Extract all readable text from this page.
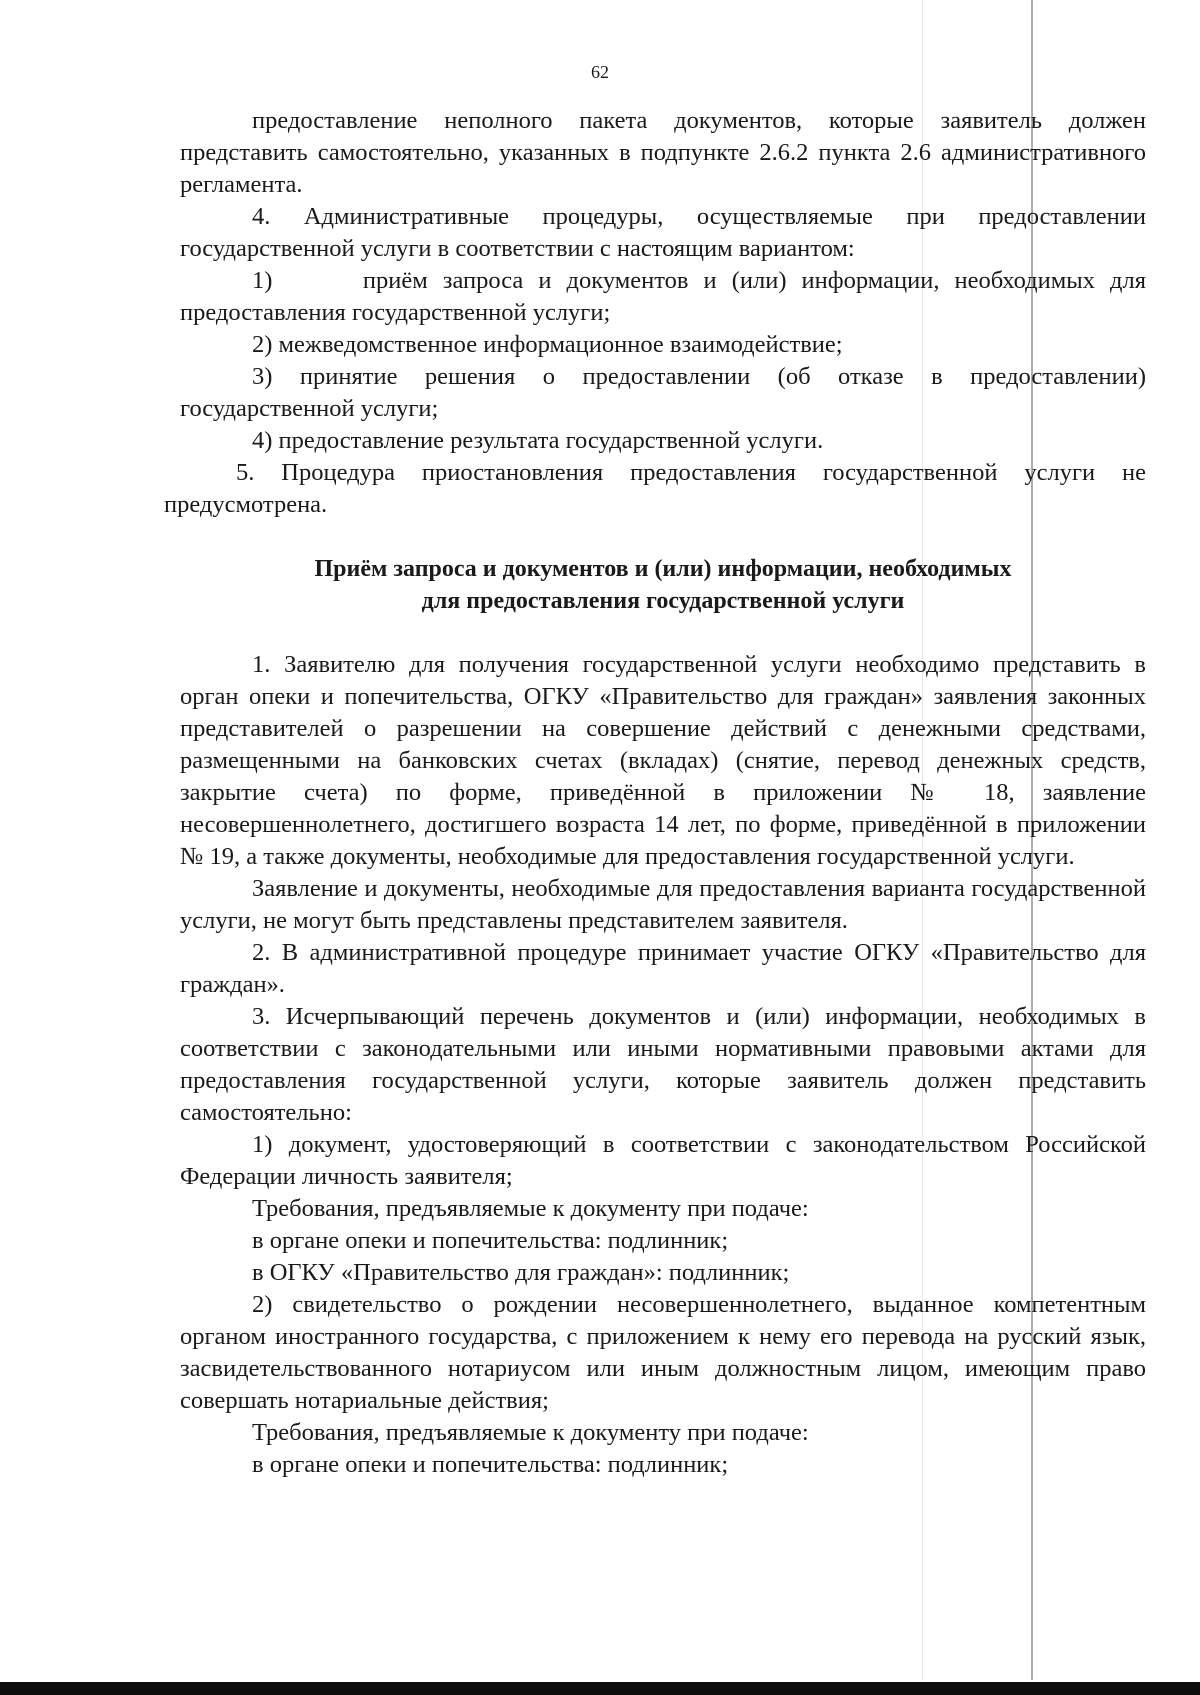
62

предоставление неполного пакета документов, которые заявитель должен представить самостоятельно, указанных в подпункте 2.6.2 пункта 2.6 административного регламента.

4. Административные процедуры, осуществляемые при предоставлении государственной услуги в соответствии с настоящим вариантом:

1)      приём запроса и документов и (или) информации, необходимых для предоставления государственной услуги;

2) межведомственное информационное взаимодействие;

3) принятие решения о предоставлении (об отказе в предоставлении) государственной услуги;

4) предоставление результата государственной услуги.

5. Процедура приостановления предоставления государственной услуги не предусмотрена.

Приём запроса и документов и (или) информации, необходимых
для предоставления государственной услуги

1. Заявителю для получения государственной услуги необходимо представить в орган опеки и попечительства, ОГКУ «Правительство для граждан» заявления законных представителей о разрешении на совершение действий с денежными средствами, размещенными на банковских счетах (вкладах) (снятие, перевод денежных средств, закрытие счета) по форме, приведённой в приложении № 18, заявление несовершеннолетнего, достигшего возраста 14 лет, по форме, приведённой в приложении № 19, а также документы, необходимые для предоставления государственной услуги.

Заявление и документы, необходимые для предоставления варианта государственной услуги, не могут быть представлены представителем заявителя.

2. В административной процедуре принимает участие ОГКУ «Правительство для граждан».

3. Исчерпывающий перечень документов и (или) информации, необходимых в соответствии с законодательными или иными нормативными правовыми актами для предоставления государственной услуги, которые заявитель должен представить самостоятельно:

1) документ, удостоверяющий в соответствии с законодательством Российской Федерации личность заявителя;

Требования, предъявляемые к документу при подаче:

в органе опеки и попечительства: подлинник;

в ОГКУ «Правительство для граждан»: подлинник;

2) свидетельство о рождении несовершеннолетнего, выданное компетентным органом иностранного государства, с приложением к нему его перевода на русский язык, засвидетельствованного нотариусом или иным должностным лицом, имеющим право совершать нотариальные действия;

Требования, предъявляемые к документу при подаче:

в органе опеки и попечительства: подлинник;
